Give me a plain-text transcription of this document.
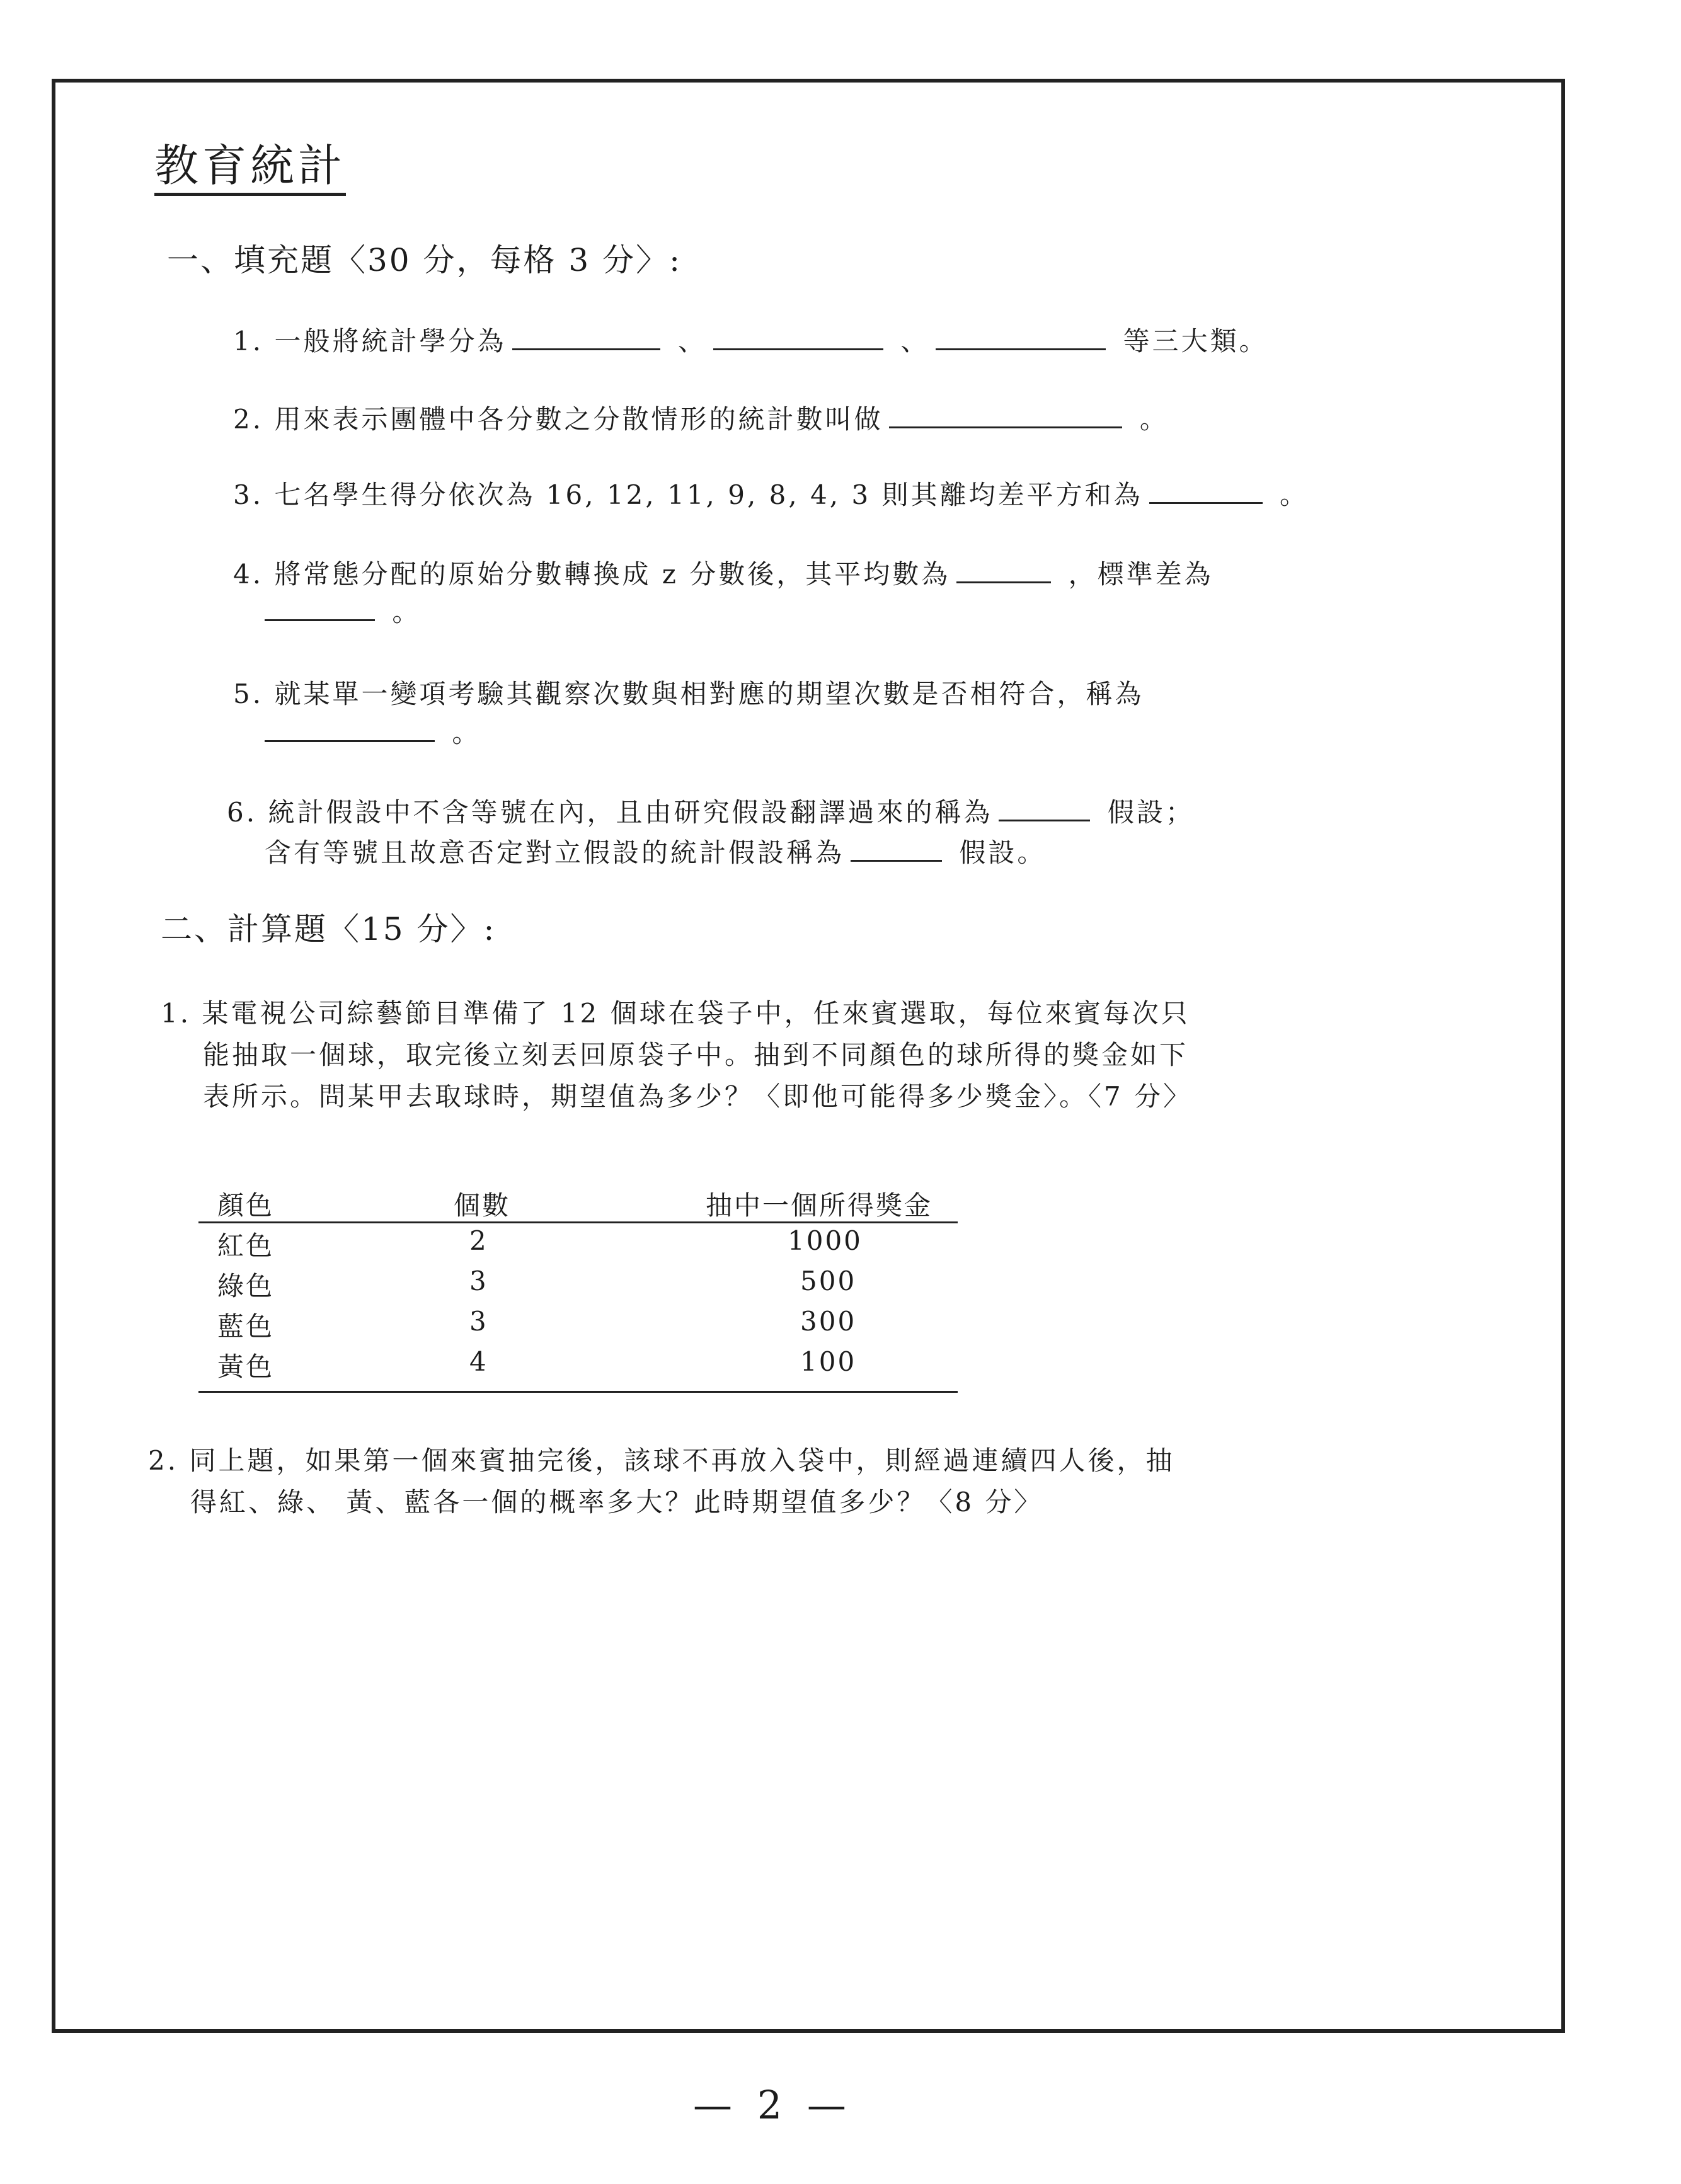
教育統計
一、填充題〈30 分，每格 3 分〉:
1. 一般將統計學分為	、	、	等三大類。
2. 用來表示團體中各分數之分散情形的統計數叫做	。
3. 七名學生得分依次為 16, 12, 11, 9, 8, 4, 3 則其離均差平方和為	。
4. 將常態分配的原始分數轉換成 z 分數後，其平均數為	，標準差為
。
5. 就某單一變項考驗其觀察次數與相對應的期望次數是否相符合，稱為
。
6. 統計假設中不含等號在內，且由研究假設翻譯過來的稱為	假設；
含有等號且故意否定對立假設的統計假設稱為	假設。
二、計算題〈15 分〉:
1. 某電視公司綜藝節目準備了 12 個球在袋子中，任來賓選取，每位來賓每次只
能抽取一個球，取完後立刻丟回原袋子中。抽到不同顏色的球所得的獎金如下
表所示。問某甲去取球時，期望值為多少？〈即他可能得多少獎金〉。〈7 分〉
顏色	個數	抽中一個所得獎金
紅色	2	1000
綠色	3	500
藍色	3	300
黃色	4	100
2. 同上題，如果第一個來賓抽完後，該球不再放入袋中，則經過連續四人後，抽
得紅、綠、 黃、藍各一個的概率多大？此時期望值多少？〈8 分〉
— 2 —
